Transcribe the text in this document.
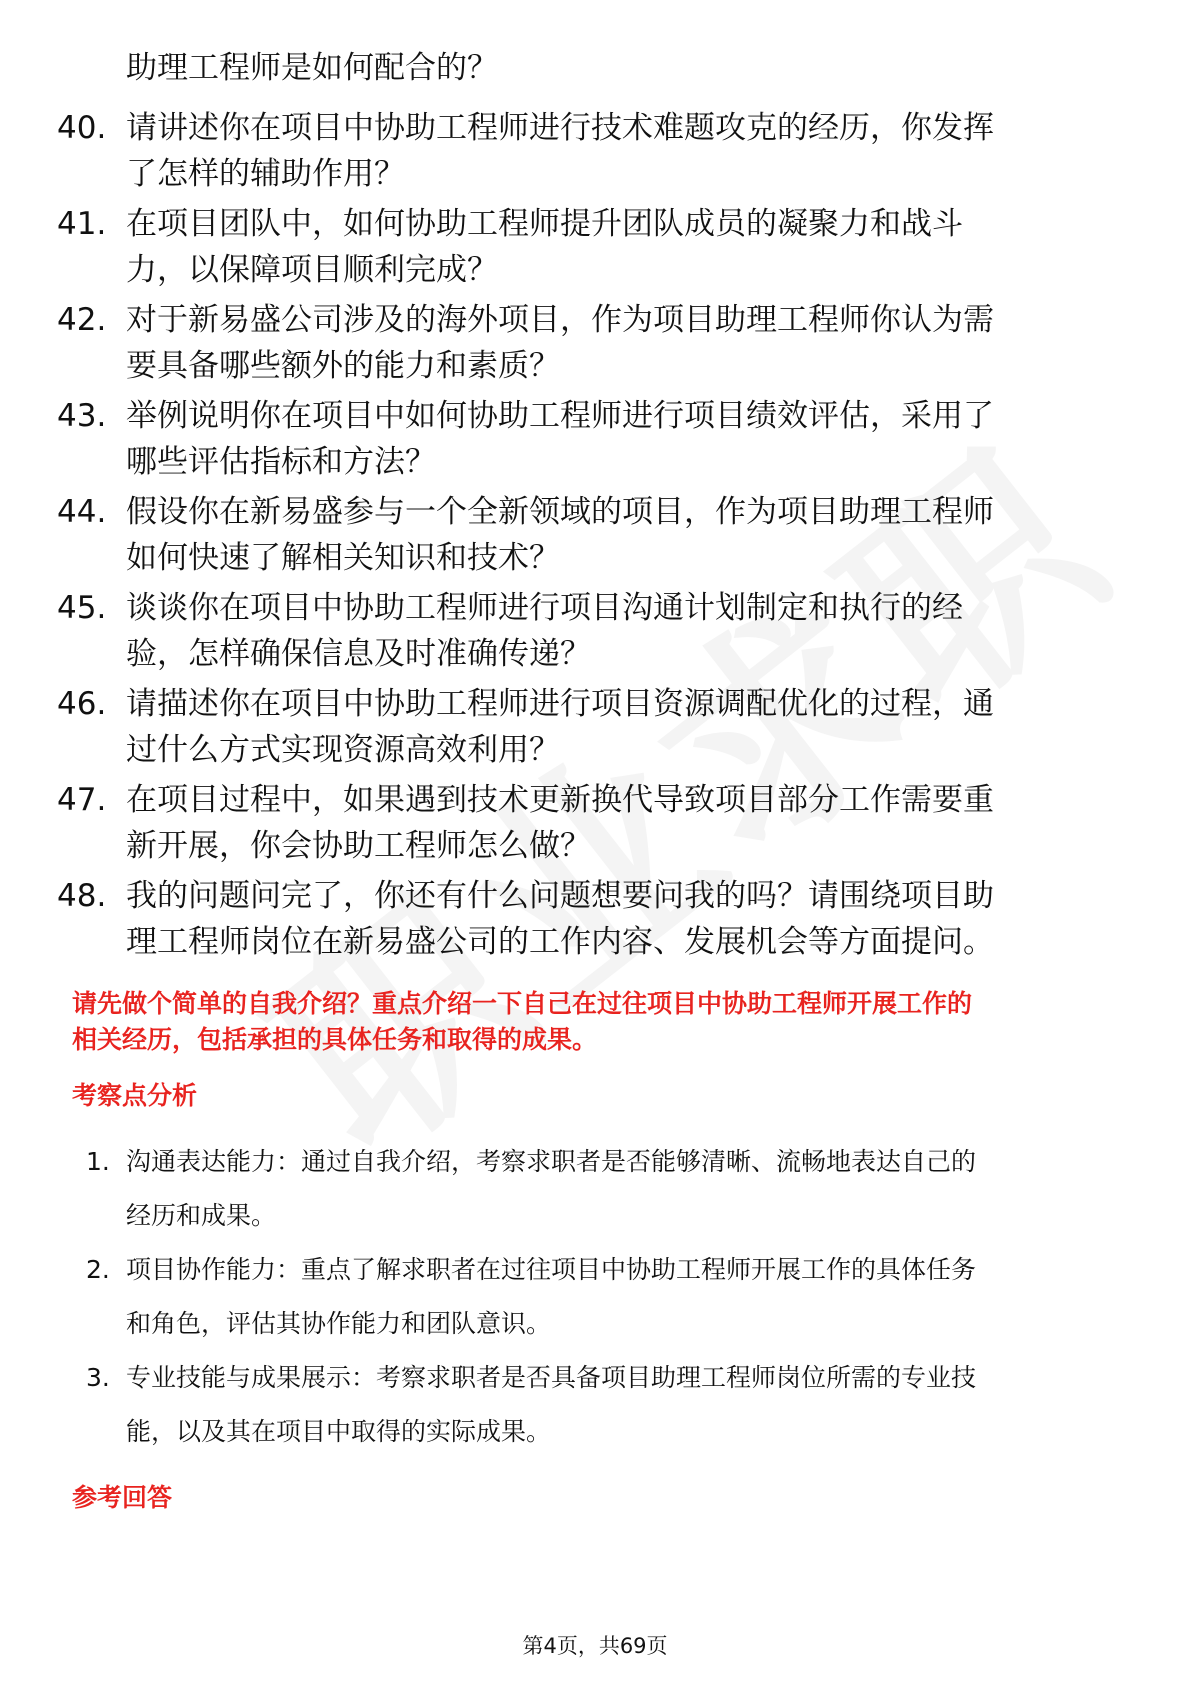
助理工程师是如何配合的？
40. 请讲述你在项目中协助工程师进行技术难题攻克的经历，你发挥
了怎样的辅助作用？
41. 在项目团队中，如何协助工程师提升团队成员的凝聚力和战斗
力，以保障项目顺利完成？
42. 对于新易盛公司涉及的海外项目，作为项目助理工程师你认为需
要具备哪些额外的能力和素质？
43. 举例说明你在项目中如何协助工程师进行项目绩效评估，采用了
哪些评估指标和方法？
44. 假设你在新易盛参与一个全新领域的项目，作为项目助理工程师
如何快速了解相关知识和技术？
45. 谈谈你在项目中协助工程师进行项目沟通计划制定和执行的经
验，怎样确保信息及时准确传递？
46. 请描述你在项目中协助工程师进行项目资源调配优化的过程，通
过什么方式实现资源高效利用？
47. 在项目过程中，如果遇到技术更新换代导致项目部分工作需要重
新开展，你会协助工程师怎么做？
48. 我的问题问完了，你还有什么问题想要问我的吗？请围绕项目助
理工程师岗位在新易盛公司的工作内容、发展机会等方面提问。
请先做个简单的自我介绍？重点介绍一下自己在过往项目中协助工程师开展工作的
相关经历，包括承担的具体任务和取得的成果。
考察点分析
1. 沟通表达能力：通过自我介绍，考察求职者是否能够清晰、流畅地表达自己的
经历和成果。
2. 项目协作能力：重点了解求职者在过往项目中协助工程师开展工作的具体任务
和角色，评估其协作能力和团队意识。
3. 专业技能与成果展示：考察求职者是否具备项目助理工程师岗位所需的专业技
能，以及其在项目中取得的实际成果。
参考回答
第4页，共69页
